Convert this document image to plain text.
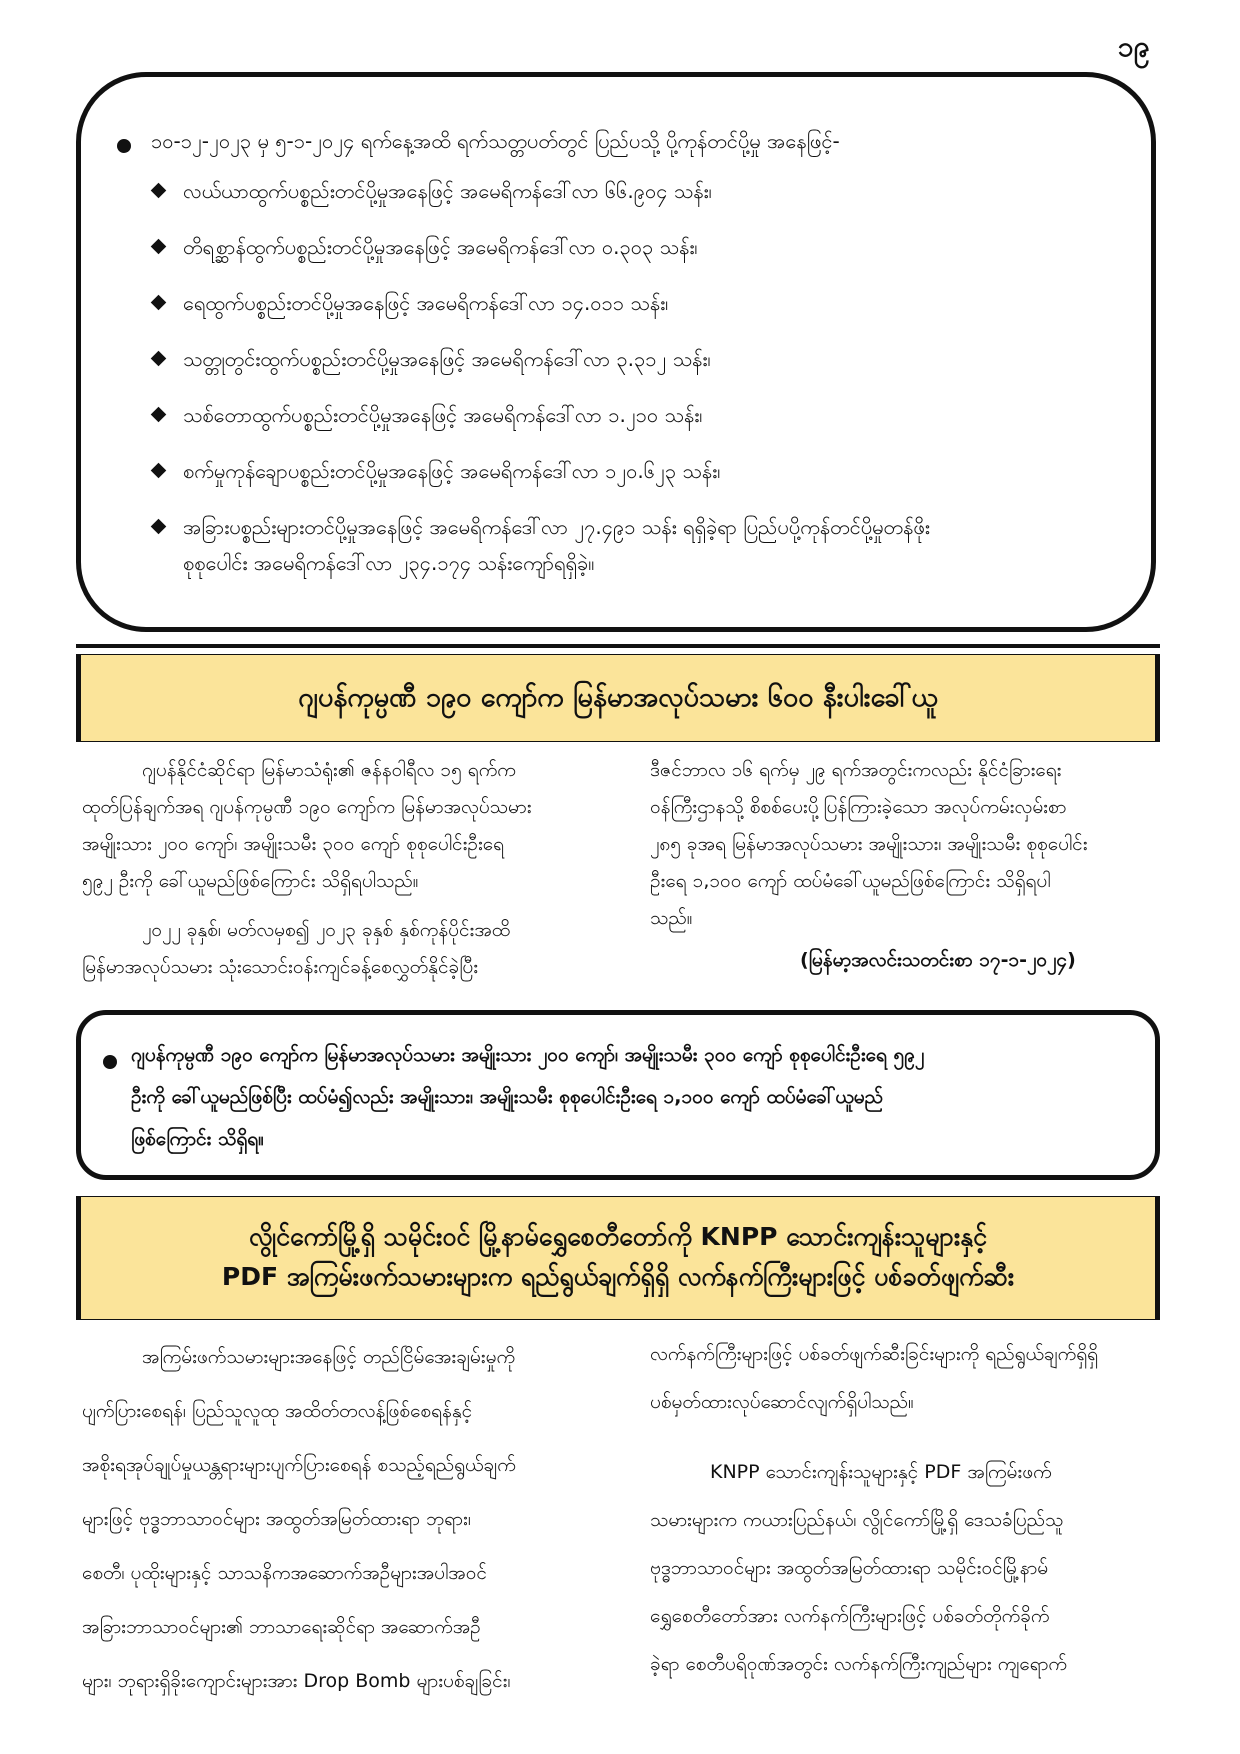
၁၉
၁၀-၁၂-၂၀၂၃ မှ ၅-၁-၂၀၂၄ ရက်နေ့အထိ ရက်သတ္တပတ်တွင် ပြည်ပသို့ ပို့ကုန်တင်ပို့မှု အနေဖြင့်-
လယ်ယာထွက်ပစ္စည်းတင်ပို့မှုအနေဖြင့် အမေရိကန်ဒေါ်လာ ၆၆.၉၀၄ သန်း၊
တိရစ္ဆာန်ထွက်ပစ္စည်းတင်ပို့မှုအနေဖြင့် အမေရိကန်ဒေါ်လာ ၀.၃၀၃ သန်း၊
ရေထွက်ပစ္စည်းတင်ပို့မှုအနေဖြင့် အမေရိကန်ဒေါ်လာ ၁၄.၀၁၁ သန်း၊
သတ္တုတွင်းထွက်ပစ္စည်းတင်ပို့မှုအနေဖြင့် အမေရိကန်ဒေါ်လာ ၃.၃၁၂ သန်း၊
သစ်တောထွက်ပစ္စည်းတင်ပို့မှုအနေဖြင့် အမေရိကန်ဒေါ်လာ ၁.၂၁၀ သန်း၊
စက်မှုကုန်ချောပစ္စည်းတင်ပို့မှုအနေဖြင့် အမေရိကန်ဒေါ်လာ ၁၂၀.၆၂၃ သန်း၊
အခြားပစ္စည်းများတင်ပို့မှုအနေဖြင့် အမေရိကန်ဒေါ်လာ ၂၇.၄၉၁ သန်း ရရှိခဲ့ရာ ပြည်ပပို့ကုန်တင်ပို့မှုတန်ဖိုး
စုစုပေါင်း အမေရိကန်ဒေါ်လာ ၂၃၄.၁၇၄ သန်းကျော်ရရှိခဲ့။
ဂျပန်ကုမ္ပဏီ ၁၉၀ ကျော်က မြန်မာအလုပ်သမား ၆၀၀ နီးပါးခေါ်ယူ

ဂျပန်နိုင်ငံဆိုင်ရာ မြန်မာသံရုံး၏ ဇန်နဝါရီလ ၁၅ ရက်က

ထုတ်ပြန်ချက်အရ ဂျပန်ကုမ္ပဏီ ၁၉၀ ကျော်က မြန်မာအလုပ်သမား

အမျိုးသား ၂၀၀ ကျော်၊ အမျိုးသမီး ၃၀၀ ကျော် စုစုပေါင်းဦးရေ

၅၉၂ ဦးကို ခေါ်ယူမည်ဖြစ်ကြောင်း သိရှိရပါသည်။

၂၀၂၂ ခုနှစ်၊ မတ်လမှစ၍ ၂၀၂၃ ခုနှစ် နှစ်ကုန်ပိုင်းအထိ

မြန်မာအလုပ်သမား သုံးသောင်းဝန်းကျင်ခန့်စေလွှတ်နိုင်ခဲ့ပြီး

ဒီဇင်ဘာလ ၁၆ ရက်မှ ၂၉ ရက်အတွင်းကလည်း နိုင်ငံခြားရေး

ဝန်ကြီးဌာနသို့ စိစစ်ပေးပို့ပြန်ကြားခဲ့သော အလုပ်ကမ်းလှမ်းစာ

၂၈၅ ခုအရ မြန်မာအလုပ်သမား အမျိုးသား၊ အမျိုးသမီး စုစုပေါင်း

ဦးရေ ၁,၁၀၀ ကျော် ထပ်မံခေါ်ယူမည်ဖြစ်ကြောင်း သိရှိရပါ

သည်။

(မြန်မာ့အလင်းသတင်းစာ ၁၇-၁-၂၀၂၄)
ဂျပန်ကုမ္ပဏီ ၁၉၀ ကျော်က မြန်မာအလုပ်သမား အမျိုးသား ၂၀၀ ကျော်၊ အမျိုးသမီး ၃၀၀ ကျော် စုစုပေါင်းဦးရေ ၅၉၂
ဦးကို ခေါ်ယူမည်ဖြစ်ပြီး ထပ်မံ၍လည်း အမျိုးသား၊ အမျိုးသမီး စုစုပေါင်းဦးရေ ၁,၁၀၀ ကျော် ထပ်မံခေါ်ယူမည်
ဖြစ်ကြောင်း သိရှိရ။
လွိုင်ကော်မြို့ရှိ သမိုင်းဝင် မြို့နာမ်ရွှေစေတီတော်ကို KNPP သောင်းကျန်းသူများနှင့်
PDF အကြမ်းဖက်သမားများက ရည်ရွယ်ချက်ရှိရှိ လက်နက်ကြီးများဖြင့် ပစ်ခတ်ဖျက်ဆီး

အကြမ်းဖက်သမားများအနေဖြင့် တည်ငြိမ်အေးချမ်းမှုကို

ပျက်ပြားစေရန်၊ ပြည်သူလူထု အထိတ်တလန့်ဖြစ်စေရန်နှင့်

အစိုးရအုပ်ချုပ်မှုယန္တရားများပျက်ပြားစေရန် စသည့်ရည်ရွယ်ချက်

များဖြင့် ဗုဒ္ဓဘာသာဝင်များ အထွတ်အမြတ်ထားရာ ဘုရား၊

စေတီ၊ ပုထိုးများနှင့် သာသနိကအဆောက်အဦများအပါအဝင်

အခြားဘာသာဝင်များ၏ ဘာသာရေးဆိုင်ရာ အဆောက်အဦ

များ၊ ဘုရားရှိခိုးကျောင်းများအား Drop Bomb များပစ်ချခြင်း၊

လက်နက်ကြီးများဖြင့် ပစ်ခတ်ဖျက်ဆီးခြင်းများကို ရည်ရွယ်ချက်ရှိရှိ

ပစ်မှတ်ထားလုပ်ဆောင်လျက်ရှိပါသည်။

KNPP သောင်းကျန်းသူများနှင့် PDF အကြမ်းဖက်

သမားများက ကယားပြည်နယ်၊ လွိုင်ကော်မြို့ရှိ ဒေသခံပြည်သူ

ဗုဒ္ဓဘာသာဝင်များ အထွတ်အမြတ်ထားရာ သမိုင်းဝင်မြို့နာမ်

ရွှေစေတီတော်အား လက်နက်ကြီးများဖြင့် ပစ်ခတ်တိုက်ခိုက်

ခဲ့ရာ စေတီပရိဝုဏ်အတွင်း လက်နက်ကြီးကျည်များ ကျရောက်
